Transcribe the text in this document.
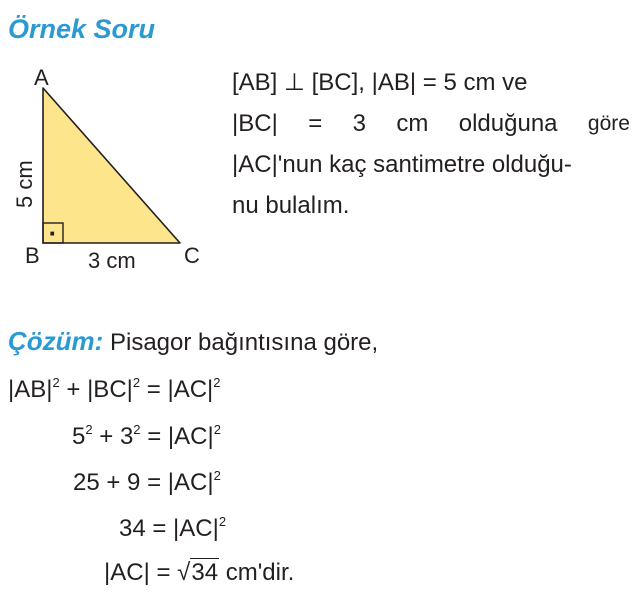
Örnek Soru
·
A
B	C
3 cm
5 cm
[AB] ⊥ [BC], |AB| = 5 cm ve
|BC| = 3 cm olduğuna göre
|AC|'nun kaç santimetre olduğu-
nu bulalım.
Çözüm: Pisagor bağıntısına göre,
$|AB|^2 + |BC|^2 = |AC|^2$
$5^2 + 3^2 = |AC|^2$
$25 + 9 = |AC|^2$
$34 = |AC|^2$
|AC| = √34 cm'dir.
